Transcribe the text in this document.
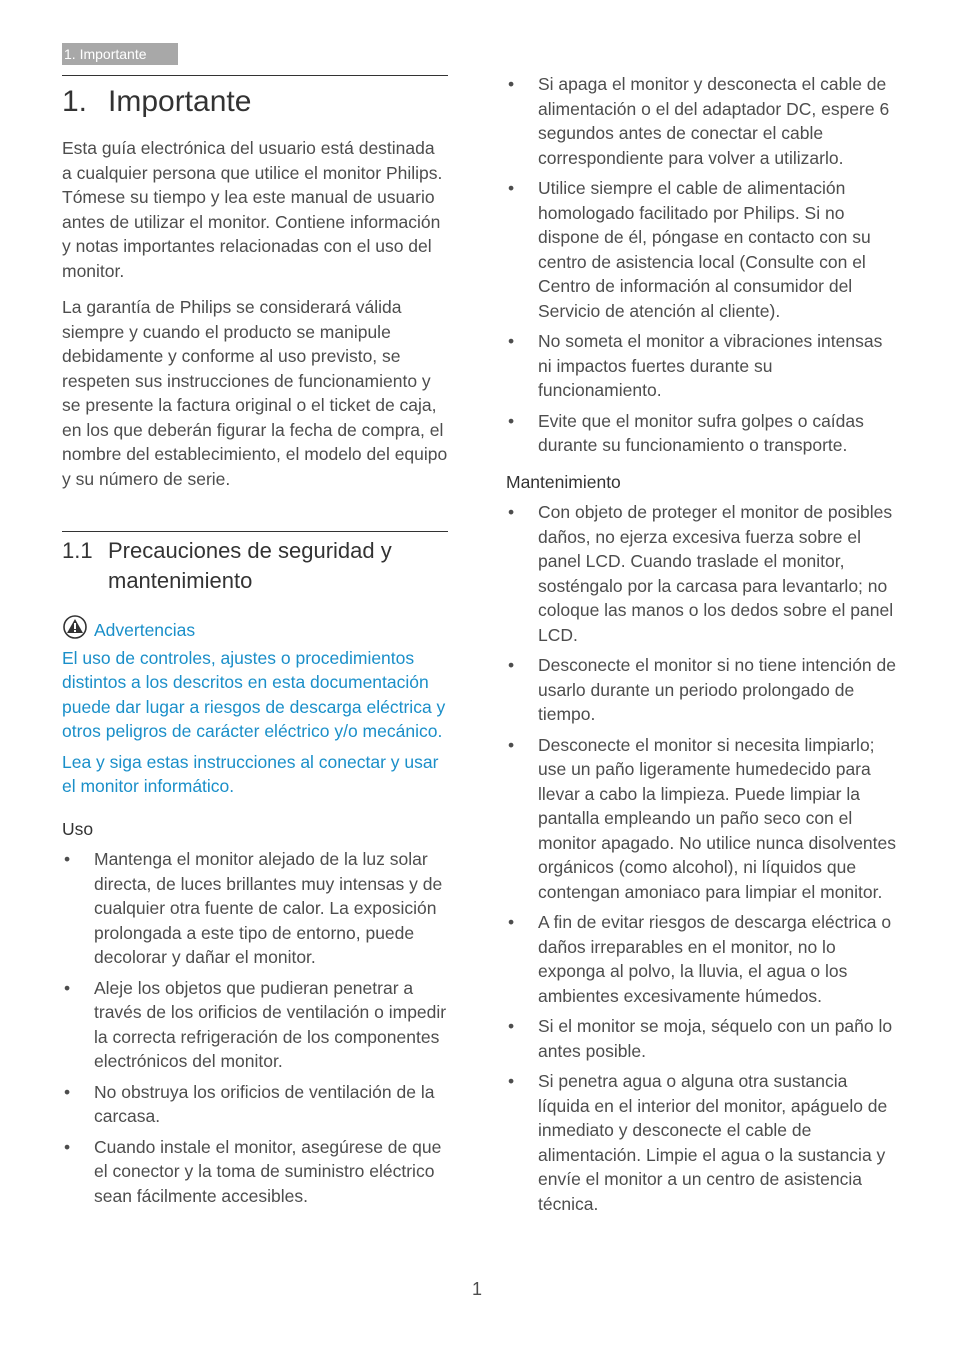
1. Importante
1. Importante

Esta guía electrónica del usuario está destinada a cualquier persona que utilice el monitor Philips. Tómese su tiempo y lea este manual de usuario antes de utilizar el monitor. Contiene información y notas importantes relacionadas con el uso del monitor.

La garantía de Philips se considerará válida siempre y cuando el producto se manipule debidamente y conforme al uso previsto, se respeten sus instrucciones de funcionamiento y se presente la factura original o el ticket de caja, en los que deberán figurar la fecha de compra, el nombre del establecimiento, el modelo del equipo y su número de serie.

1.1 Precauciones de seguridad y mantenimiento
Advertencias

El uso de controles, ajustes o procedimientos distintos a los descritos en esta documentación puede dar lugar a riesgos de descarga eléctrica y otros peligros de carácter eléctrico y/o mecánico.

Lea y siga estas instrucciones al conectar y usar el monitor informático.

Uso

• Mantenga el monitor alejado de la luz solar directa, de luces brillantes muy intensas y de cualquier otra fuente de calor. La exposición prolongada a este tipo de entorno, puede decolorar y dañar el monitor.
• Aleje los objetos que pudieran penetrar a través de los orificios de ventilación o impedir la correcta refrigeración de los componentes electrónicos del monitor.
• No obstruya los orificios de ventilación de la carcasa.
• Cuando instale el monitor, asegúrese de que el conector y la toma de suministro eléctrico sean fácilmente accesibles.
• Si apaga el monitor y desconecta el cable de alimentación o el del adaptador DC, espere 6 segundos antes de conectar el cable correspondiente para volver a utilizarlo.
• Utilice siempre el cable de alimentación homologado facilitado por Philips. Si no dispone de él, póngase en contacto con su centro de asistencia local (Consulte con el Centro de información al consumidor del Servicio de atención al cliente).
• No someta el monitor a vibraciones intensas ni impactos fuertes durante su funcionamiento.
• Evite que el monitor sufra golpes o caídas durante su funcionamiento o transporte.

Mantenimiento

• Con objeto de proteger el monitor de posibles daños, no ejerza excesiva fuerza sobre el panel LCD. Cuando traslade el monitor, sosténgalo por la carcasa para levantarlo; no coloque las manos o los dedos sobre el panel LCD.
• Desconecte el monitor si no tiene intención de usarlo durante un periodo prolongado de tiempo.
• Desconecte el monitor si necesita limpiarlo; use un paño ligeramente humedecido para llevar a cabo la limpieza. Puede limpiar la pantalla empleando un paño seco con el monitor apagado. No utilice nunca disolventes orgánicos (como alcohol), ni líquidos que contengan amoniaco para limpiar el monitor.
• A fin de evitar riesgos de descarga eléctrica o daños irreparables en el monitor, no lo exponga al polvo, la lluvia, el agua o los ambientes excesivamente húmedos.
• Si el monitor se moja, séquelo con un paño lo antes posible.
• Si penetra agua o alguna otra sustancia líquida en el interior del monitor, apáguelo de inmediato y desconecte el cable de alimentación. Limpie el agua o la sustancia y envíe el monitor a un centro de asistencia técnica.
1
